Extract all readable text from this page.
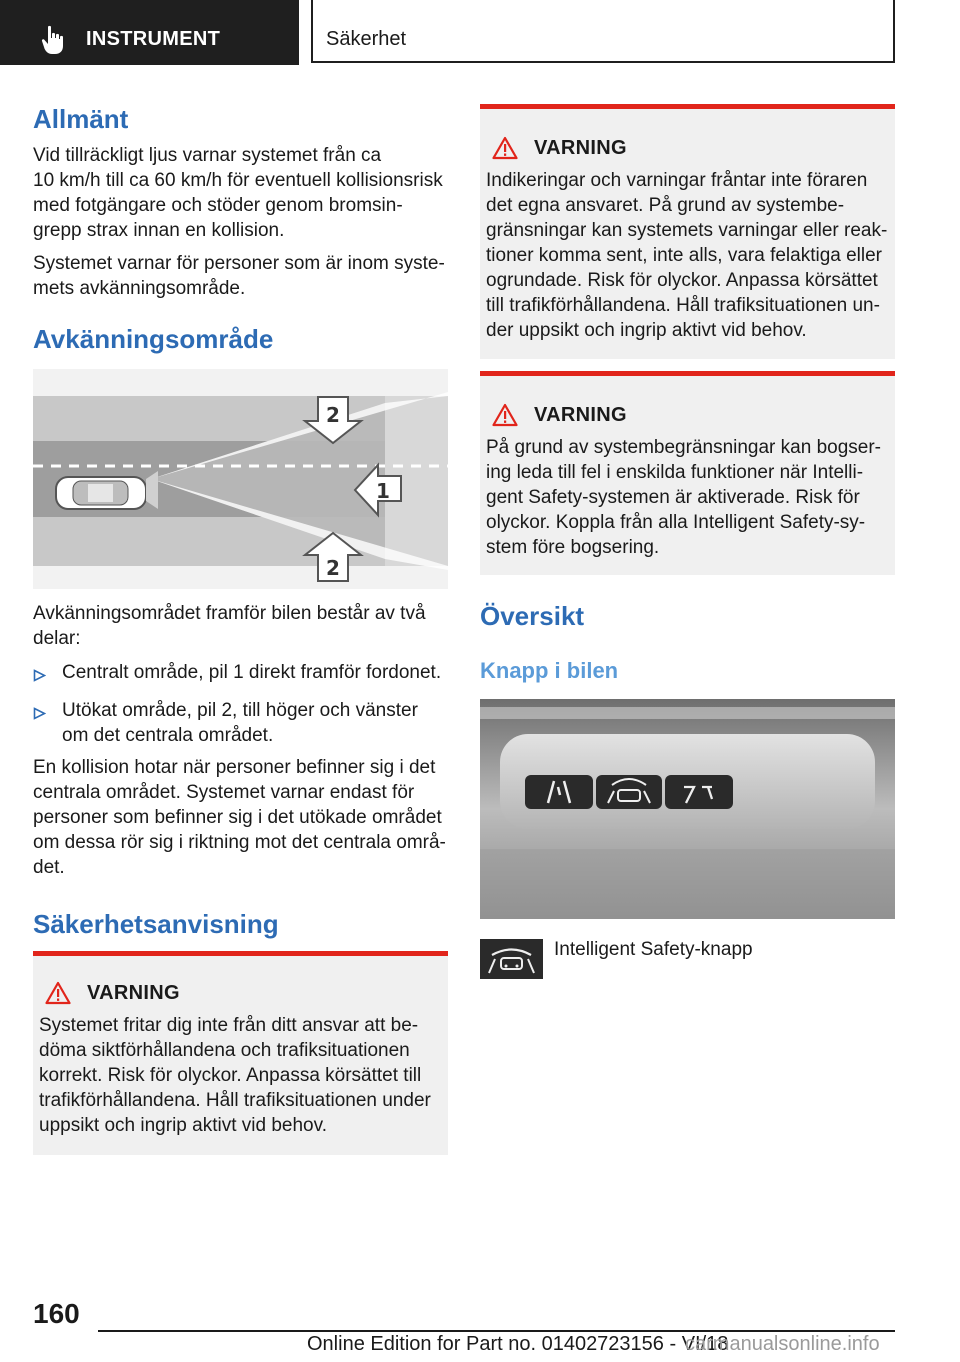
INSTRUMENT	Säkerhet
Allmänt

Vid tillräckligt ljus varnar systemet från ca
10 km/h till ca 60 km/h för eventuell kollisionsrisk
med fotgängare och stöder genom bromsin-
grepp strax innan en kollision.

Systemet varnar för personer som är inom syste-
mets avkänningsområde.

Avkänningsområde
2
1
2

Avkänningsområdet framför bilen består av två
delar:

Centralt område, pil 1 direkt framför fordonet.
Utökat område, pil 2, till höger och vänster
om det centrala området.

En kollision hotar när personer befinner sig i det
centrala området. Systemet varnar endast för
personer som befinner sig i det utökade området
om dessa rör sig i riktning mot det centrala områ-
det.

Säkerhetsanvisning
VARNING

Systemet fritar dig inte från ditt ansvar att be-
döma siktförhållandena och trafiksituationen
korrekt. Risk för olyckor. Anpassa körsättet till
trafikförhållandena. Håll trafiksituationen under
uppsikt och ingrip aktivt vid behov.

VARNING

Indikeringar och varningar fråntar inte föraren
det egna ansvaret. På grund av systembe-
gränsningar kan systemets varningar eller reak-
tioner komma sent, inte alls, vara felaktiga eller
ogrundade. Risk för olyckor. Anpassa körsättet
till trafikförhållandena. Håll trafiksituationen un-
der uppsikt och ingrip aktivt vid behov.

VARNING

På grund av systembegränsningar kan bogser-
ing leda till fel i enskilda funktioner när Intelli-
gent Safety-systemen är aktiverade. Risk för
olyckor. Koppla från alla Intelligent Safety-sy-
stem före bogsering.

Översikt
Knapp i bilen
Intelligent Safety-knapp
160
Online Edition for Part no. 01402723156 - VI/18
carmanualsonline.info
